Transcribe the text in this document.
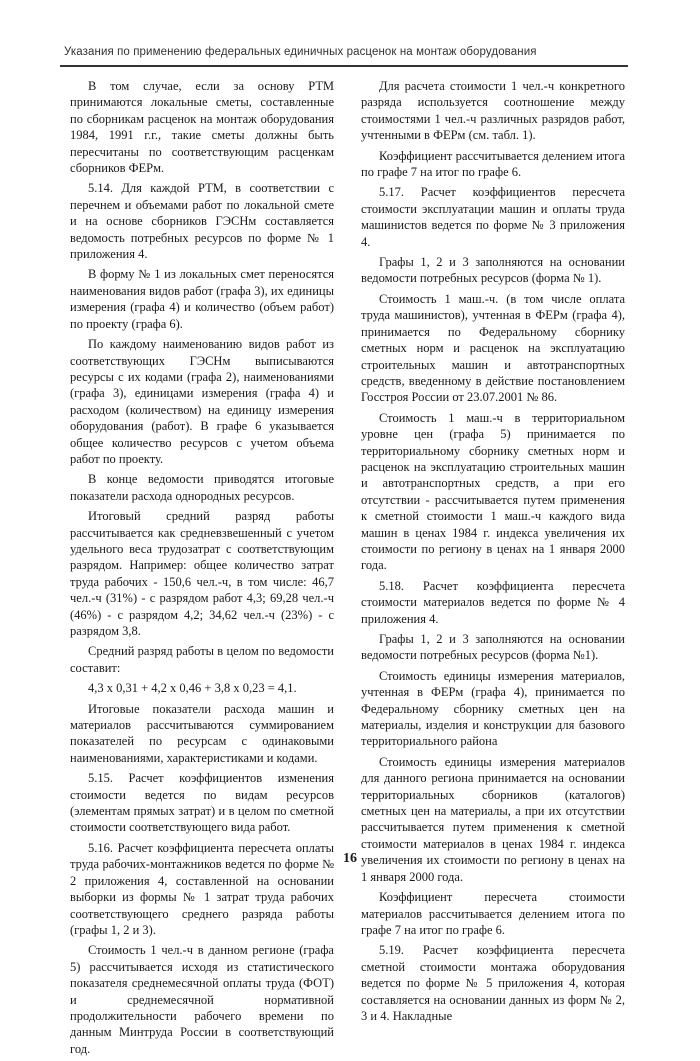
Указания по применению федеральных единичных расценок на монтаж оборудования

В том случае, если за основу РТМ принимаются локальные сметы, составленные по сборникам расценок на монтаж оборудования 1984, 1991 г.г., такие сметы должны быть пересчитаны по соответствующим расценкам сборников ФЕРм.

5.14. Для каждой РТМ, в соответствии с перечнем и объемами работ по локальной смете и на основе сборников ГЭСНм составляется ведомость потребных ресурсов по форме № 1 приложения 4.

В форму № 1 из локальных смет переносятся наименования видов работ (графа 3), их единицы измерения (графа 4) и количество (объем работ) по проекту (графа 6).

По каждому наименованию видов работ из соответствующих ГЭСНм выписываются ресурсы с их кодами (графа 2), наименованиями (графа 3), единицами измерения (графа 4) и расходом (количеством) на единицу измерения оборудования (работ). В графе 6 указывается общее количество ресурсов с учетом объема работ по проекту.

В конце ведомости приводятся итоговые показатели расхода однородных ресурсов.

Итоговый средний разряд работы рассчитывается как средневзвешенный с учетом удельного веса трудозатрат с соответствующим разрядом. Например: общее количество затрат труда рабочих - 150,6 чел.-ч, в том числе: 46,7 чел.-ч (31%) - с разрядом работ 4,3; 69,28 чел.-ч (46%) - с разрядом 4,2; 34,62 чел.-ч (23%) - с разрядом 3,8.

Средний разряд работы в целом по ведомости составит:

4,3 х 0,31 + 4,2 х 0,46 + 3,8 х 0,23 = 4,1.

Итоговые показатели расхода машин и материалов рассчитываются суммированием показателей по ресурсам с одинаковыми наименованиями, характеристиками и кодами.

5.15. Расчет коэффициентов изменения стоимости ведется по видам ресурсов (элементам прямых затрат) и в целом по сметной стоимости соответствующего вида работ.

5.16. Расчет коэффициента пересчета оплаты труда рабочих-монтажников ведется по форме № 2 приложения 4, составленной на основании выборки из формы № 1 затрат труда рабочих соответствующего среднего разряда работы (графы 1, 2 и 3).

Стоимость 1 чел.-ч в данном регионе (графа 5) рассчитывается исходя из статистического показателя среднемесячной оплаты труда (ФОТ) и среднемесячной нормативной продолжительности рабочего времени по данным Минтруда России в соответствующий год.

Для расчета стоимости 1 чел.-ч конкретного разряда используется соотношение между стоимостями 1 чел.-ч различных разрядов работ, учтенными в ФЕРм (см. табл. 1).

Коэффициент рассчитывается делением итога по графе 7 на итог по графе 6.

5.17. Расчет коэффициентов пересчета стоимости эксплуатации машин и оплаты труда машинистов ведется по форме № 3 приложения 4.

Графы 1, 2 и 3 заполняются на основании ведомости потребных ресурсов (форма № 1).

Стоимость 1 маш.-ч. (в том числе оплата труда машинистов), учтенная в ФЕРм (графа 4), принимается по Федеральному сборнику сметных норм и расценок на эксплуатацию строительных машин и автотранспортных средств, введенному в действие постановлением Госстроя России от 23.07.2001 № 86.

Стоимость 1 маш.-ч в территориальном уровне цен (графа 5) принимается по территориальному сборнику сметных норм и расценок на эксплуатацию строительных машин и автотранспортных средств, а при его отсутствии - рассчитывается путем применения к сметной стоимости 1 маш.-ч каждого вида машин в ценах 1984 г. индекса увеличения их стоимости по региону в ценах на 1 января 2000 года.

5.18. Расчет коэффициента пересчета стоимости материалов ведется по форме № 4 приложения 4.

Графы 1, 2 и 3 заполняются на основании ведомости потребных ресурсов (форма №1).

Стоимость единицы измерения материалов, учтенная в ФЕРм (графа 4), принимается по Федеральному сборнику сметных цен на материалы, изделия и конструкции для базового территориального района

Стоимость единицы измерения материалов для данного региона принимается на основании территориальных сборников (каталогов) сметных цен на материалы, а при их отсутствии рассчитывается путем применения к сметной стоимости материалов в ценах 1984 г. индекса увеличения их стоимости по региону в ценах на 1 января 2000 года.

Коэффициент пересчета стоимости материалов рассчитывается делением итога по графе 7 на итог по графе 6.

5.19. Расчет коэффициента пересчета сметной стоимости монтажа оборудования ведется по форме № 5 приложения 4, которая составляется на основании данных из форм № 2, 3 и 4. Накладные

16
